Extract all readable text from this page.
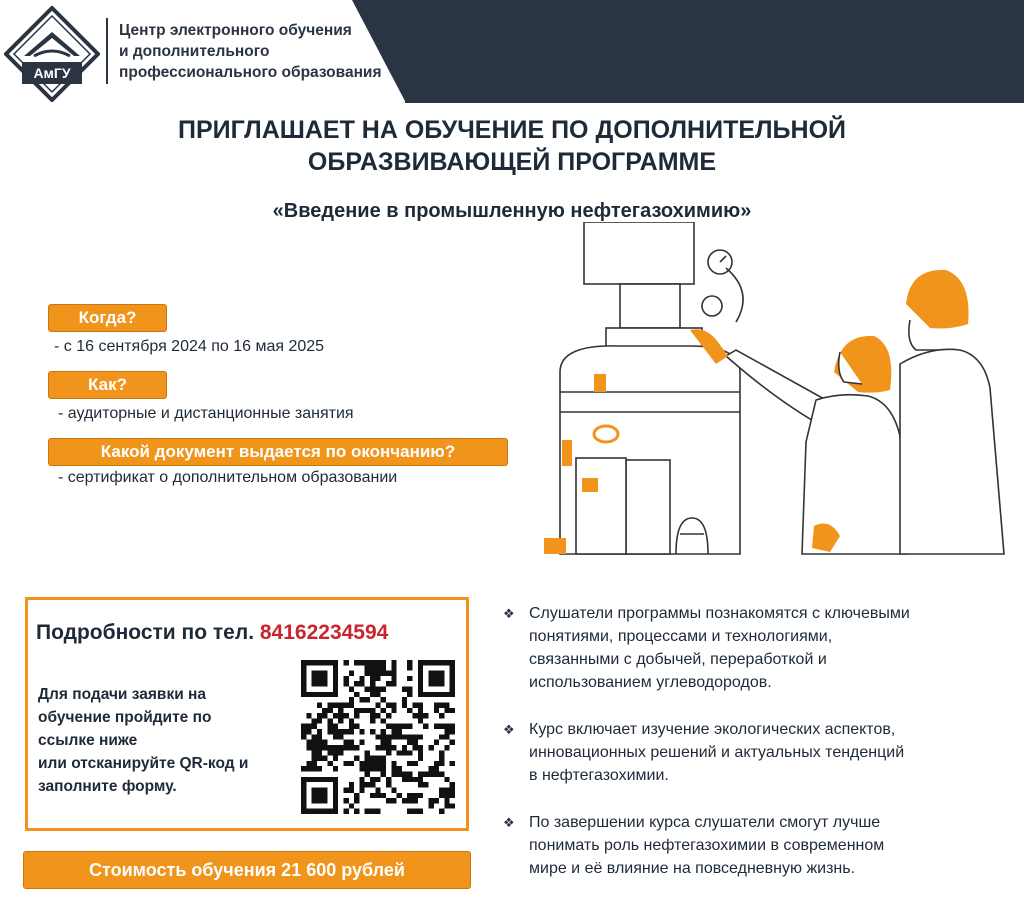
АмГУ
Центр электронного обучения
и дополнительного
профессионального образования
ПРИГЛАШАЕТ НА ОБУЧЕНИЕ ПО ДОПОЛНИТЕЛЬНОЙ
ОБРАЗВИВАЮЩЕЙ ПРОГРАММЕ
«Введение в промышленную нефтегазохимию»
Когда?
- с 16 сентября 2024 по 16 мая 2025
Как?
- аудиторные и дистанционные занятия
Какой документ выдается по окончанию?
- сертификат о дополнительном образовании
Подробности по тел. 84162234594
Для подачи заявки на
обучение пройдите по
ссылке ниже
или отсканируйте QR-код и
заполните форму.
Стоимость обучения 21 600 рублей
❖ Слушатели программы познакомятся с ключевыми
понятиями, процессами и технологиями,
связанными с добычей, переработкой и
использованием углеводородов.
❖ Курс включает изучение экологических аспектов,
инновационных решений и актуальных тенденций
в нефтегазохимии.
❖ По завершении курса слушатели смогут лучше
понимать роль нефтегазохимии в современном
мире и её влияние на повседневную жизнь.
